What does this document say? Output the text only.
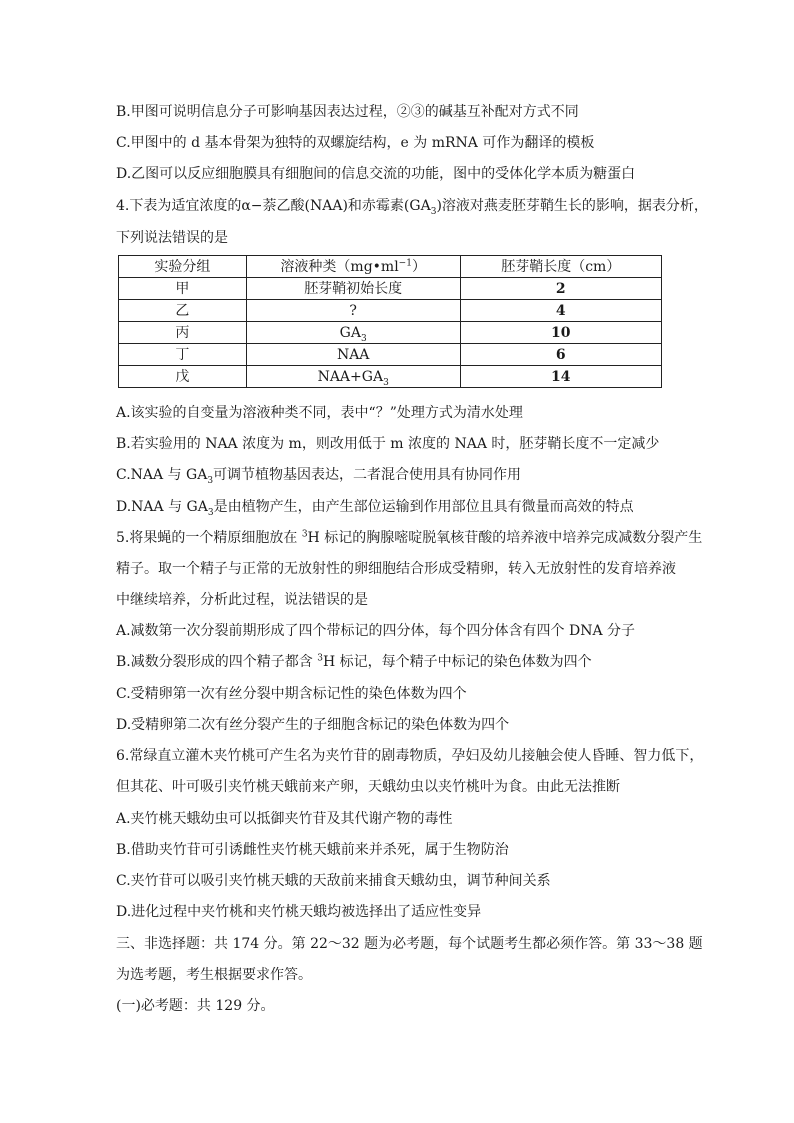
B.甲图可说明信息分子可影响基因表达过程，②③的碱基互补配对方式不同
C.甲图中的 d 基本骨架为独特的双螺旋结构，e 为 mRNA 可作为翻译的模板
D.乙图可以反应细胞膜具有细胞间的信息交流的功能，图中的受体化学本质为糖蛋白
4.下表为适宜浓度的α−萘乙酸(NAA)和赤霉素$(GA_3)$溶液对燕麦胚芽鞘生长的影响，据表分析，
下列说法错误的是
实验分组	溶液种类$(mg•ml^{-1})$	胚芽鞘长度（cm）
甲	胚芽鞘初始长度	2
乙	?	4
丙	$GA_3$	10
丁	NAA	6
戊	$NAA+GA_3$	14
A.该实验的自变量为溶液种类不同，表中“？”处理方式为清水处理
B.若实验用的 NAA 浓度为 m，则改用低于 m 浓度的 NAA 时，胚芽鞘长度不一定减少
C.NAA 与 $GA_3$可调节植物基因表达，二者混合使用具有协同作用
D.NAA 与 $GA_3$是由植物产生，由产生部位运输到作用部位且具有微量而高效的特点
5.将果蝇的一个精原细胞放在 $^3$H 标记的胸腺嘧啶脱氧核苷酸的培养液中培养完成减数分裂产生
精子。取一个精子与正常的无放射性的卵细胞结合形成受精卵，转入无放射性的发育培养液
中继续培养，分析此过程，说法错误的是
A.减数第一次分裂前期形成了四个带标记的四分体，每个四分体含有四个 DNA 分子
B.减数分裂形成的四个精子都含 $^3$H 标记，每个精子中标记的染色体数为四个
C.受精卵第一次有丝分裂中期含标记性的染色体数为四个
D.受精卵第二次有丝分裂产生的子细胞含标记的染色体数为四个
6.常绿直立灌木夹竹桃可产生名为夹竹苷的剧毒物质，孕妇及幼儿接触会使人昏睡、智力低下，
但其花、叶可吸引夹竹桃天蛾前来产卵，天蛾幼虫以夹竹桃叶为食。由此无法推断
A.夹竹桃天蛾幼虫可以抵御夹竹苷及其代谢产物的毒性
B.借助夹竹苷可引诱雌性夹竹桃天蛾前来并杀死，属于生物防治
C.夹竹苷可以吸引夹竹桃天蛾的天敌前来捕食天蛾幼虫，调节种间关系
D.进化过程中夹竹桃和夹竹桃天蛾均被选择出了适应性变异
三、非选择题：共 174 分。第 22～32 题为必考题，每个试题考生都必须作答。第 33～38 题
为选考题，考生根据要求作答。
(一)必考题：共 129 分。
